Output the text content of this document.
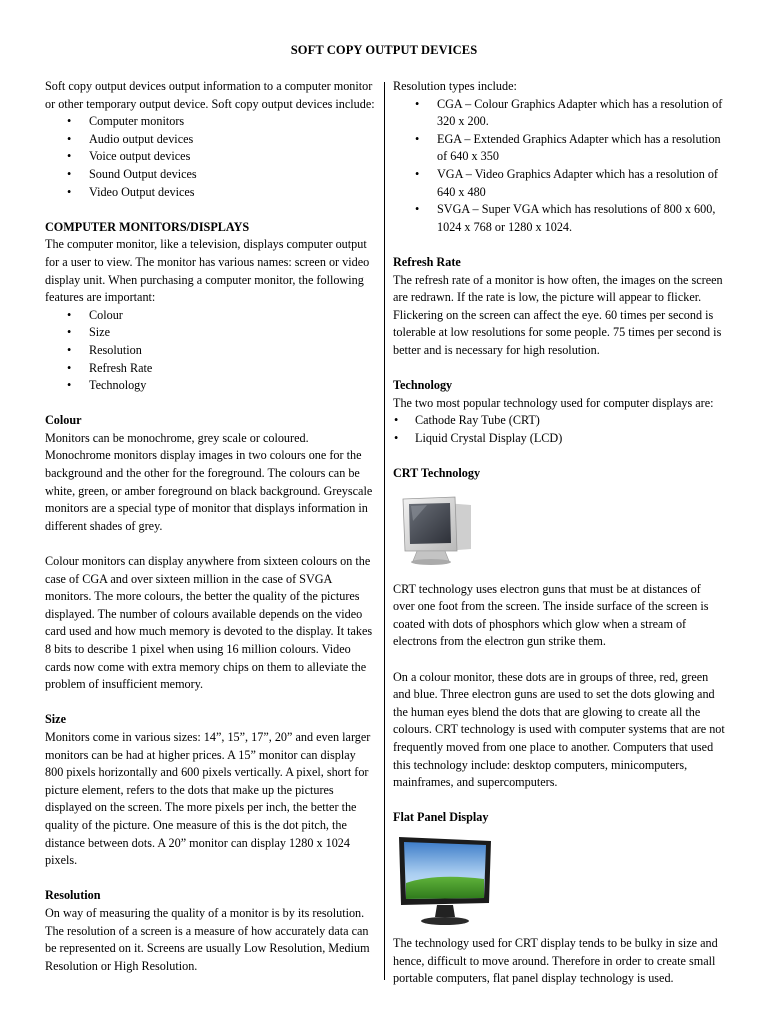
SOFT COPY OUTPUT DEVICES

Soft copy output devices output information to a computer monitor or other temporary output device. Soft copy output devices include:

• Computer monitors
• Audio output devices
• Voice output devices
• Sound Output devices
• Video Output devices

COMPUTER MONITORS/DISPLAYS

The computer monitor, like a television, displays computer output for a user to view. The monitor has various names: screen or video display unit. When purchasing a computer monitor, the following features are important:

• Colour
• Size
• Resolution
• Refresh Rate
• Technology

Colour

Monitors can be monochrome, grey scale or coloured. Monochrome monitors display images in two colours one for the background and the other for the foreground. The colours can be white, green, or amber foreground on black background. Greyscale monitors are a special type of monitor that displays information in different shades of grey.

Colour monitors can display anywhere from sixteen colours on the case of CGA and over sixteen million in the case of SVGA monitors. The more colours, the better the quality of the pictures displayed. The number of colours available depends on the video card used and how much memory is devoted to the display. It takes 8 bits to describe 1 pixel when using 16 million colours. Video cards now come with extra memory chips on them to alleviate the problem of insufficient memory.

Size

Monitors come in various sizes: 14”, 15”, 17”, 20” and even larger monitors can be had at higher prices. A 15” monitor can display 800 pixels horizontally and 600 pixels vertically. A pixel, short for picture element, refers to the dots that make up the pictures displayed on the screen. The more pixels per inch, the better the quality of the picture. One measure of this is the dot pitch, the distance between dots. A 20” monitor can display 1280 x 1024 pixels.

Resolution

On way of measuring the quality of a monitor is by its resolution. The resolution of a screen is a measure of how accurately data can be represented on it. Screens are usually Low Resolution, Medium Resolution or High Resolution.

Resolution types include:

• CGA – Colour Graphics Adapter which has a resolution of 320 x 200.
• EGA – Extended Graphics Adapter which has a resolution of 640 x 350
• VGA – Video Graphics Adapter which has a resolution of 640 x 480
• SVGA – Super VGA which has resolutions of 800 x 600, 1024 x 768 or 1280 x 1024.

Refresh Rate

The refresh rate of a monitor is how often, the images on the screen are redrawn. If the rate is low, the picture will appear to flicker. Flickering on the screen can affect the eye. 60 times per second is tolerable at low resolutions for some people. 75 times per second is better and is necessary for high resolution.

Technology

The two most popular technology used for computer displays are:

• Cathode Ray Tube (CRT)
• Liquid Crystal Display (LCD)

CRT Technology

CRT technology uses electron guns that must be at distances of over one foot from the screen. The inside surface of the screen is coated with dots of phosphors which glow when a stream of electrons from the electron gun strike them.

On a colour monitor, these dots are in groups of three, red, green and blue. Three electron guns are used to set the dots glowing and the human eyes blend the dots that are glowing to create all the colours. CRT technology is used with computer systems that are not frequently moved from one place to another. Computers that used this technology include: desktop computers, minicomputers, mainframes, and supercomputers.

Flat Panel Display

The technology used for CRT display tends to be bulky in size and hence, difficult to move around. Therefore in order to create small portable computers, flat panel display technology is used.
